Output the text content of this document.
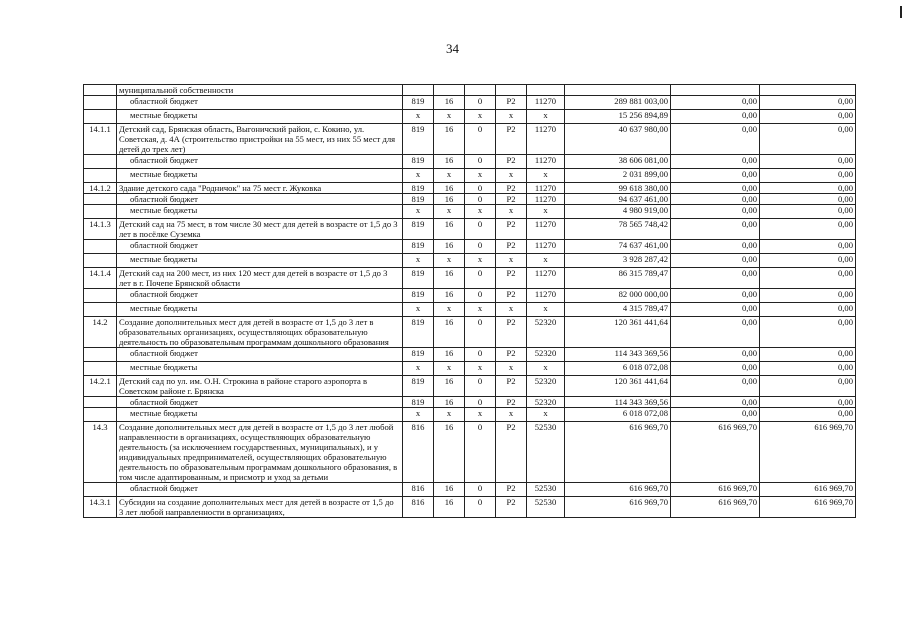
34
	муниципальной собственности								
	областной бюджет	819	16	0	Р2	11270	289 881 003,00	0,00	0,00
	местные бюджеты	х	х	х	х	х	15 256 894,89	0,00	0,00
14.1.1	Детский сад, Брянская область, Выгоничский район, с. Кокино, ул. Советская, д. 4А (строительство пристройки на 55 мест, из них 55 мест для детей до трех лет)	819	16	0	Р2	11270	40 637 980,00	0,00	0,00
	областной бюджет	819	16	0	Р2	11270	38 606 081,00	0,00	0,00
	местные бюджеты	х	х	х	х	х	2 031 899,00	0,00	0,00
14.1.2	Здание детского сада "Родничок" на 75 мест г. Жуковка	819	16	0	Р2	11270	99 618 380,00	0,00	0,00
	областной бюджет	819	16	0	Р2	11270	94 637 461,00	0,00	0,00
	местные бюджеты	х	х	х	х	х	4 980 919,00	0,00	0,00
14.1.3	Детский сад на 75 мест, в том числе 30 мест для детей в возрасте от 1,5 до 3 лет в посёлке Суземка	819	16	0	Р2	11270	78 565 748,42	0,00	0,00
	областной бюджет	819	16	0	Р2	11270	74 637 461,00	0,00	0,00
	местные бюджеты	х	х	х	х	х	3 928 287,42	0,00	0,00
14.1.4	Детский сад на 200 мест, из них 120 мест для детей в возрасте от 1,5 до 3 лет в г. Почепе Брянской области	819	16	0	Р2	11270	86 315 789,47	0,00	0,00
	областной бюджет	819	16	0	Р2	11270	82 000 000,00	0,00	0,00
	местные бюджеты	х	х	х	х	х	4 315 789,47	0,00	0,00
14.2	Создание дополнительных мест для детей в возрасте от 1,5 до 3 лет в образовательных организациях, осуществляющих образовательную деятельность по образовательным программам дошкольного образования	819	16	0	Р2	52320	120 361 441,64	0,00	0,00
	областной бюджет	819	16	0	Р2	52320	114 343 369,56	0,00	0,00
	местные бюджеты	х	х	х	х	х	6 018 072,08	0,00	0,00
14.2.1	Детский сад по ул. им. О.Н. Строкина в районе старого аэропорта в Советском районе г. Брянска	819	16	0	Р2	52320	120 361 441,64	0,00	0,00
	областной бюджет	819	16	0	Р2	52320	114 343 369,56	0,00	0,00
	местные бюджеты	х	х	х	х	х	6 018 072,08	0,00	0,00
14.3	Создание дополнительных мест для детей в возрасте от 1,5 до 3 лет любой направленности в организациях, осуществляющих образовательную деятельность (за исключением государственных, муниципальных), и у индивидуальных предпринимателей, осуществляющих образовательную деятельность по образовательным программам дошкольного образования, в том числе адаптированным, и присмотр и уход за детьми	816	16	0	Р2	52530	616 969,70	616 969,70	616 969,70
	областной бюджет	816	16	0	Р2	52530	616 969,70	616 969,70	616 969,70
14.3.1	Субсидии на создание дополнительных мест для детей в возрасте от 1,5 до 3 лет любой направленности в организациях,	816	16	0	Р2	52530	616 969,70	616 969,70	616 969,70
